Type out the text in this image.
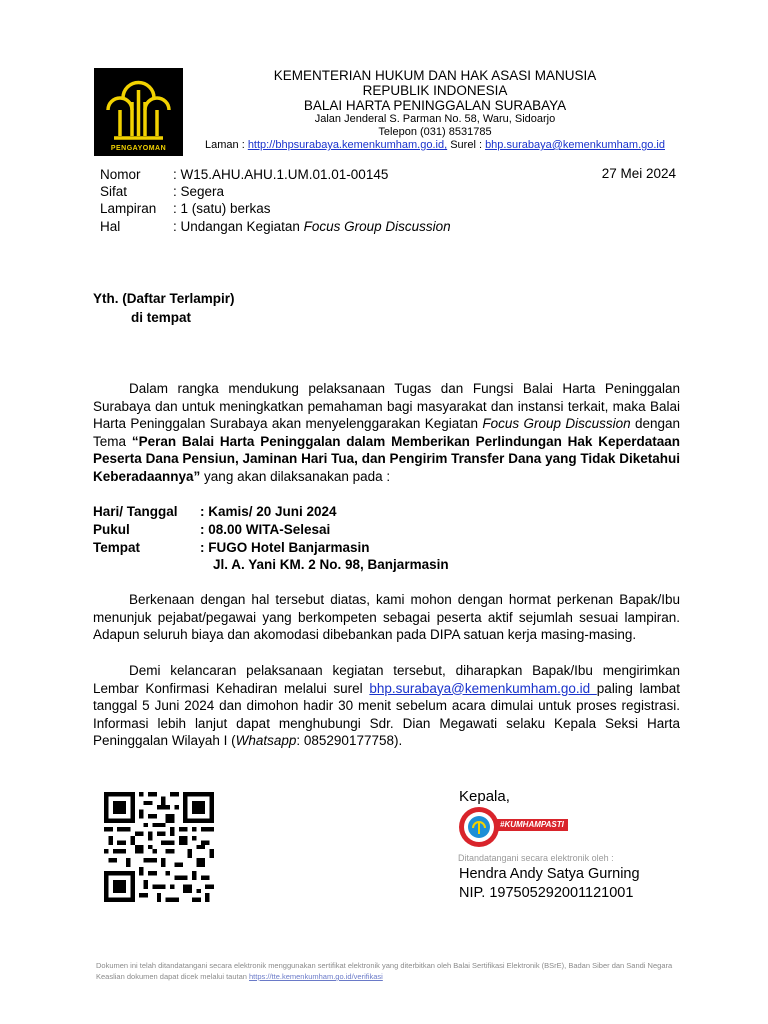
PENGAYOMAN
KEMENTERIAN HUKUM DAN HAK ASASI MANUSIA
REPUBLIK INDONESIA
BALAI HARTA PENINGGALAN SURABAYA
Jalan Jenderal S. Parman No. 58, Waru, Sidoarjo
Telepon (031) 8531785
Laman : http://bhpsurabaya.kemenkumham.go.id, Surel : bhp.surabaya@kemenkumham.go.id
Nomor : W15.AHU.AHU.1.UM.01.01-00145
Sifat	: Segera
Lampiran : 1 (satu) berkas
Hal	: Undangan Kegiatan Focus Group Discussion
27 Mei 2024
Yth. (Daftar Terlampir)
di tempat
Dalam rangka mendukung pelaksanaan Tugas dan Fungsi Balai Harta Peninggalan Surabaya dan untuk meningkatkan pemahaman bagi masyarakat dan instansi terkait, maka Balai Harta Peninggalan Surabaya akan menyelenggarakan Kegiatan Focus Group Discussion dengan Tema “Peran Balai Harta Peninggalan dalam Memberikan Perlindungan Hak Keperdataan Peserta Dana Pensiun, Jaminan Hari Tua, dan Pengirim Transfer Dana yang Tidak Diketahui Keberadaannya” yang akan dilaksanakan pada :
Hari/ Tanggal : Kamis/ 20 Juni 2024
Pukul	: 08.00 WITA-Selesai
Tempat	: FUGO Hotel Banjarmasin
Jl. A. Yani KM. 2 No. 98, Banjarmasin
Berkenaan dengan hal tersebut diatas, kami mohon dengan hormat perkenan Bapak/Ibu menunjuk pejabat/pegawai yang berkompeten sebagai peserta aktif sejumlah sesuai lampiran. Adapun seluruh biaya dan akomodasi dibebankan pada DIPA satuan kerja masing-masing.
Demi kelancaran pelaksanaan kegiatan tersebut, diharapkan Bapak/Ibu mengirimkan Lembar Konfirmasi Kehadiran melalui surel bhp.surabaya@kemenkumham.go.id paling lambat tanggal 5 Juni 2024 dan dimohon hadir 30 menit sebelum acara dimulai untuk proses registrasi. Informasi lebih lanjut dapat menghubungi Sdr. Dian Megawati selaku Kepala Seksi Harta Peninggalan Wilayah I (Whatsapp: 085290177758).
Kepala,
#KUMHAMPASTI
Ditandatangani secara elektronik oleh :
Hendra Andy Satya Gurning
NIP. 197505292001121001
Dokumen ini telah ditandatangani secara elektronik menggunakan sertifikat elektronik yang diterbitkan oleh Balai Sertifikasi Elektronik (BSrE), Badan Siber dan Sandi Negara
Keaslian dokumen dapat dicek melalui tautan https://tte.kemenkumham.go.id/verifikasi
